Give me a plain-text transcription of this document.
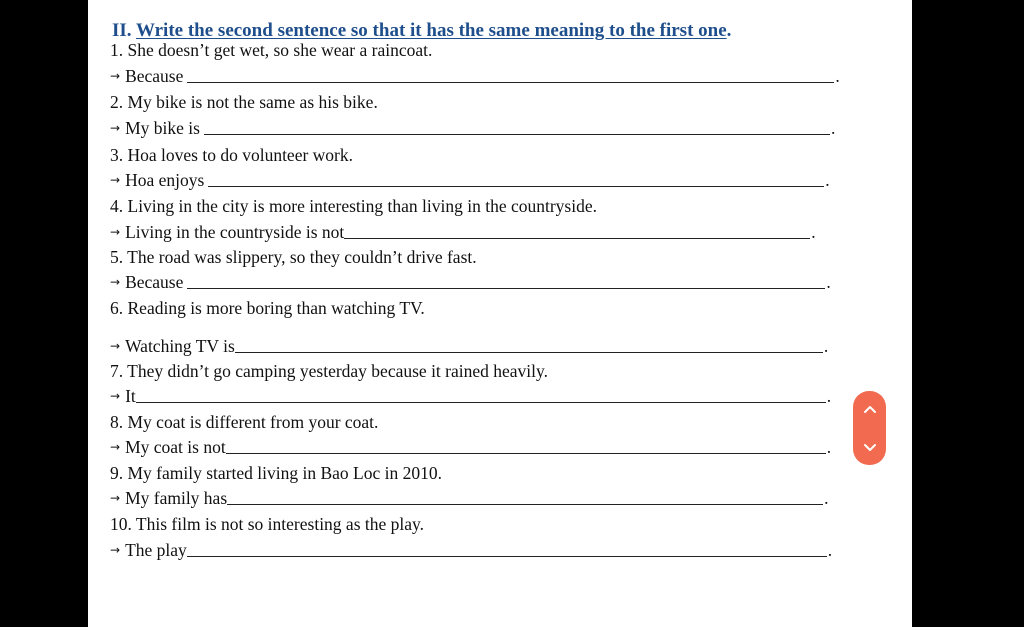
II. Write the second sentence so that it has the same meaning to the first one.
1. She doesn’t get wet, so she wear a raincoat.
→ Because	.
2. My bike is not the same as his bike.
→ My bike is	.
3. Hoa loves to do volunteer work.
→ Hoa enjoys	.
4. Living in the city is more interesting than living in the countryside.
→ Living in the countryside is not	.
5. The road was slippery, so they couldn’t drive fast.
→ Because	.
6. Reading is more boring than watching TV.
→ Watching TV is	.
7. They didn’t go camping yesterday because it rained heavily.
→ It	.
8. My coat is different from your coat.
→ My coat is not	.
9. My family started living in Bao Loc in 2010.
→ My family has	.
10. This film is not so interesting as the play.
→ The play	.
